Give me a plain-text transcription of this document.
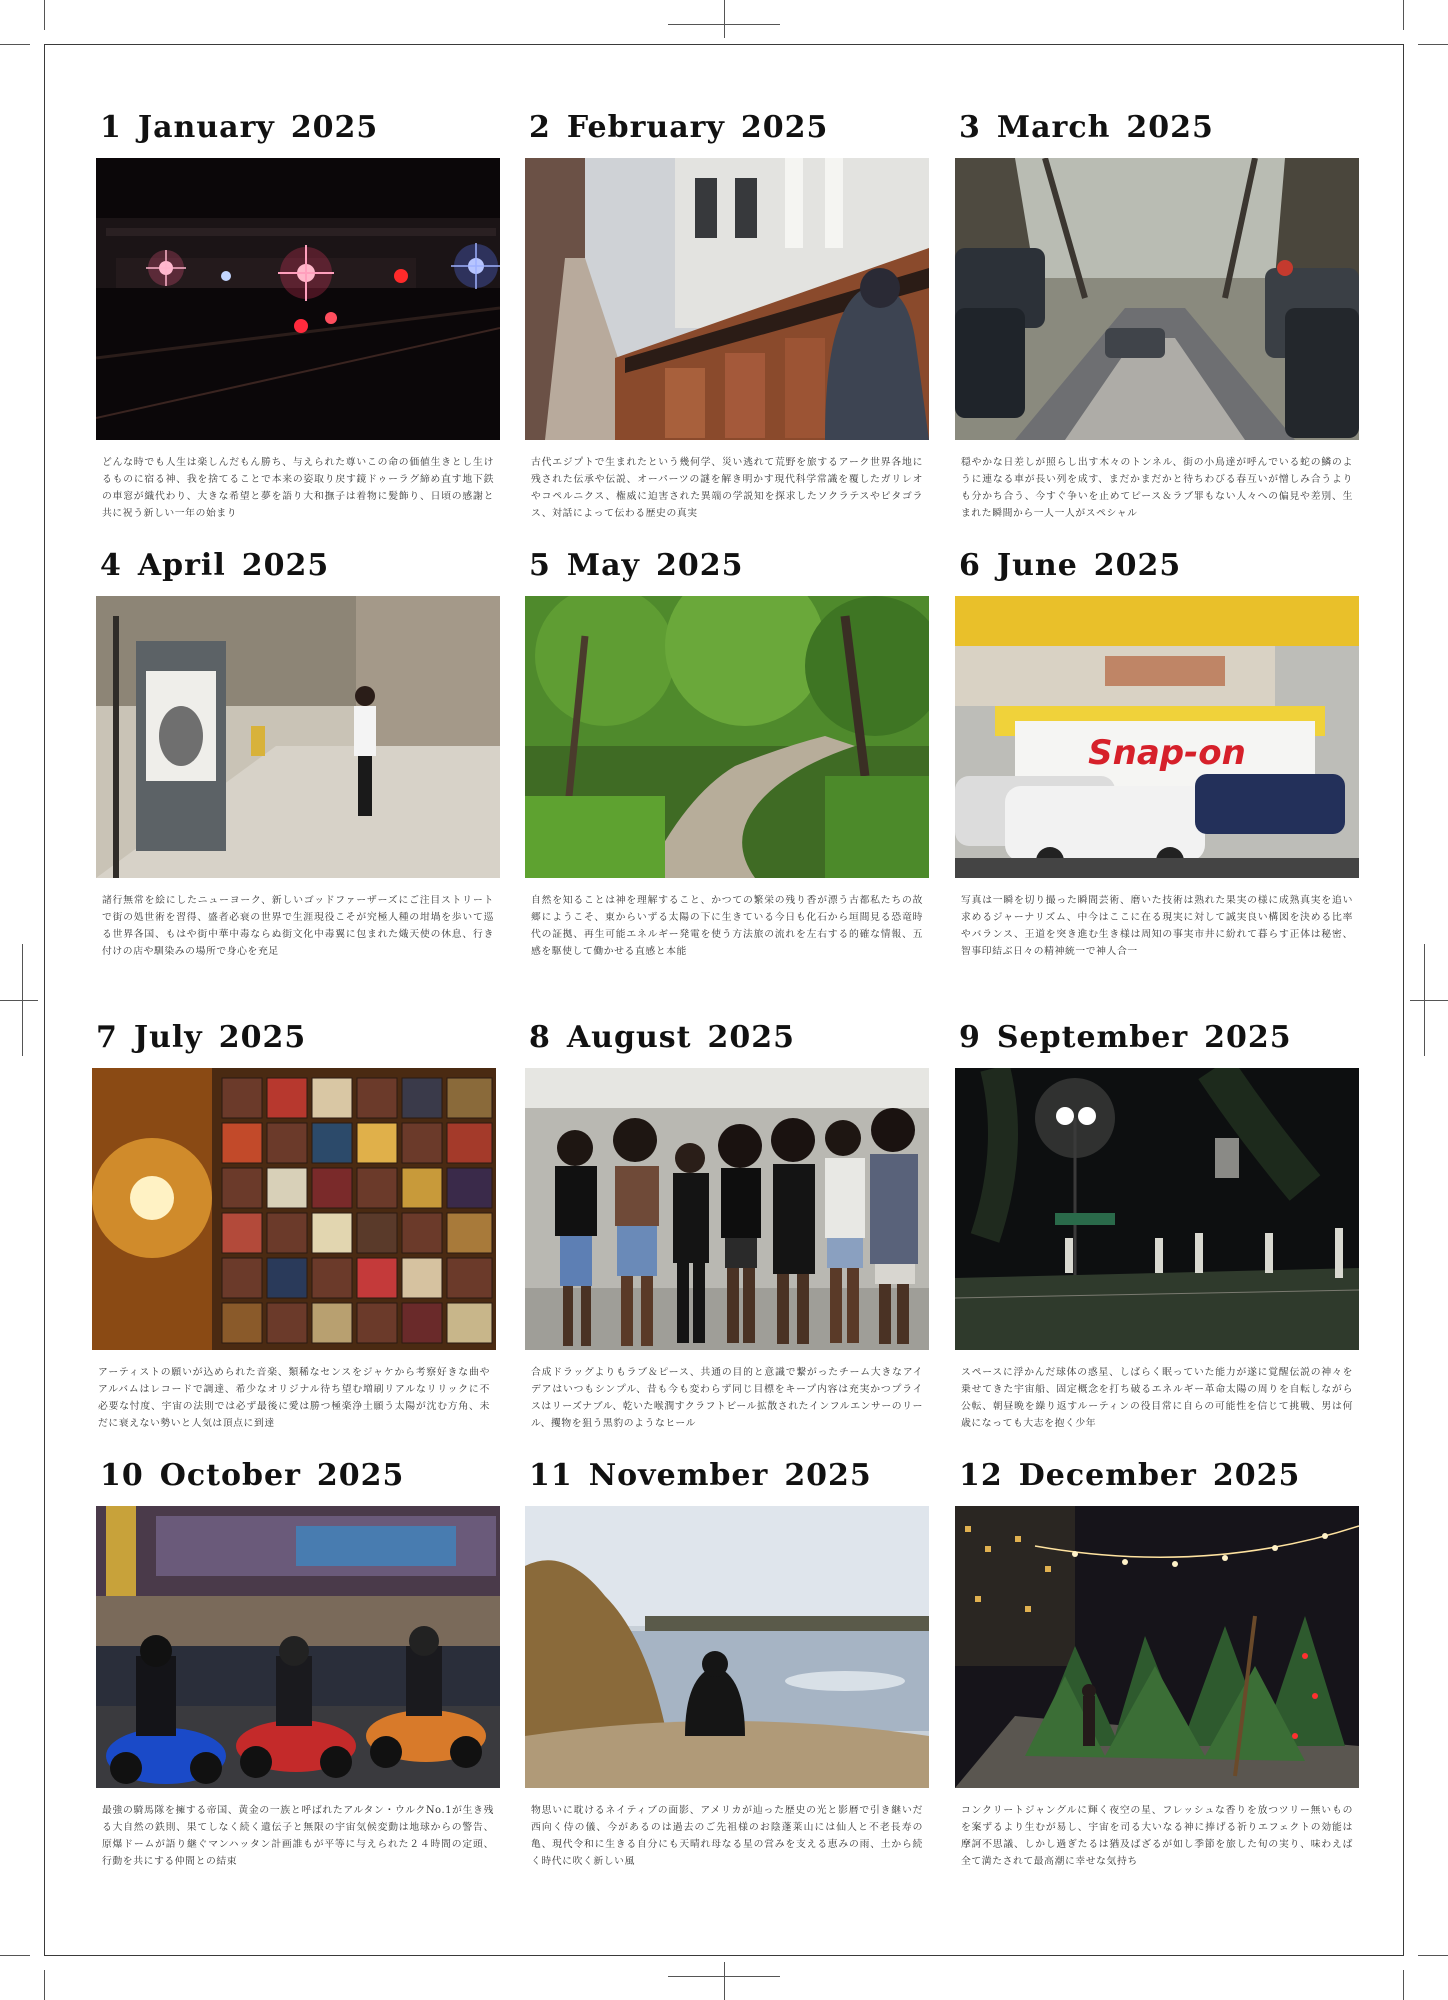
1 January 2025
どんな時でも人生は楽しんだもん勝ち、与えられた尊いこの命の価値生きとし生けるものに宿る神、我を捨てることで本来の姿取り戻す鏡ドゥーラグ締め直す地下鉄の車窓が織代わり、大きな希望と夢を語り大和撫子は着物に髪飾り、日頃の感謝と共に祝う新しい一年の始まり
2 February 2025
古代エジプトで生まれたという幾何学、災い逃れて荒野を旅するアーク世界各地に残された伝承や伝説、オーパーツの謎を解き明かす現代科学常識を覆したガリレオやコペルニクス、権威に迫害された異端の学説知を探求したソクラテスやピタゴラス、対話によって伝わる歴史の真実
3 March 2025
穏やかな日差しが照らし出す木々のトンネル、街の小鳥達が呼んでいる蛇の鱗のように連なる車が長い列を成す、まだかまだかと待ちわびる春互いが憎しみ合うよりも分かち合う、今すぐ争いを止めてピース＆ラブ罪もない人々への偏見や差別、生まれた瞬間から一人一人がスペシャル
4 April 2025
諸行無常を絵にしたニューヨーク、新しいゴッドファーザーズにご注目ストリートで街の処世術を習得、盛者必衰の世界で生涯現役こそが究極人種の坩堝を歩いて巡る世界各国、もはや街中華中毒ならぬ街文化中毒翼に包まれた熾天使の休息、行き付けの店や馴染みの場所で身心を充足
5 May 2025
自然を知ることは神を理解すること、かつての繁栄の残り香が漂う古都私たちの故郷にようこそ、東からいずる太陽の下に生きている今日も化石から垣間見る恐竜時代の証拠、再生可能エネルギー発電を使う方法旅の流れを左右する的確な情報、五感を駆使して働かせる直感と本能
6 June 2025
Snap-on
写真は一瞬を切り撮った瞬間芸術、磨いた技術は熟れた果実の様に成熟真実を追い求めるジャーナリズム、中今はここに在る現実に対して誠実良い構図を決める比率やバランス、王道を突き進む生き様は周知の事実市井に紛れて暮らす正体は秘密、智事印結ぶ日々の精神統一で神人合一
7 July 2025
アーティストの願いが込められた音楽、類稀なセンスをジャケから考察好きな曲やアルバムはレコードで調達、希少なオリジナル待ち望む増刷リアルなリリックに不必要な忖度、宇宙の法則では必ず最後に愛は勝つ極楽浄土願う太陽が沈む方角、未だに衰えない勢いと人気は頂点に到達
8 August 2025
合成ドラッグよりもラブ＆ピース、共通の目的と意識で繋がったチーム大きなアイデアはいつもシンプル、昔も今も変わらず同じ目標をキープ内容は充実かつプライスはリーズナブル、乾いた喉潤すクラフトビール拡散されたインフルエンサーのリール、攫物を狙う黒豹のようなヒール
9 September 2025
スペースに浮かんだ球体の惑星、しばらく眠っていた能力が遂に覚醒伝説の神々を乗せてきた宇宙船、固定概念を打ち破るエネルギー革命太陽の周りを自転しながら公転、朝昼晩を繰り返すルーティンの役目常に自らの可能性を信じて挑戦、男は何歳になっても大志を抱く少年
10 October 2025
最強の騎馬隊を擁する帝国、黄金の一族と呼ばれたアルタン・ウルクNo.1が生き残る大自然の鉄則、果てしなく続く遺伝子と無限の宇宙気候変動は地球からの警告、原爆ドームが語り継ぐマンハッタン計画誰もが平等に与えられた２４時間の定頭、行動を共にする仲間との結束
11 November 2025
物思いに耽けるネイティブの面影、アメリカが辿った歴史の光と影暦で引き継いだ西向く侍の儀、今があるのは過去のご先祖様のお陰蓬莱山には仙人と不老長寿の亀、現代令和に生きる自分にも天晴れ母なる星の営みを支える恵みの雨、土から続く時代に吹く新しい風
12 December 2025
コンクリートジャングルに輝く夜空の星、フレッシュな香りを放つツリー無いものを案ずるより生むが易し、宇宙を司る大いなる神に捧げる祈りエフェクトの効能は摩訶不思議、しかし過ぎたるは猶及ばざるが如し季節を旅した旬の実り、味わえば全て満たされて最高潮に幸せな気持ち
